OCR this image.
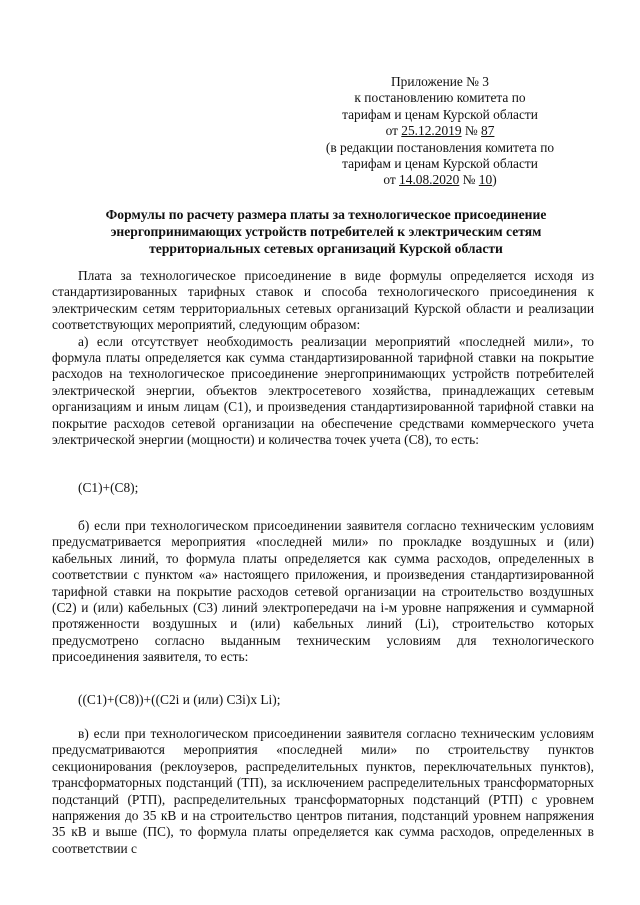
Приложение № 3
к постановлению комитета по
тарифам и ценам Курской области
от 25.12.2019 № 87
(в редакции постановления комитета по
тарифам и ценам Курской области
от 14.08.2020 № 10)
Формулы по расчету размера платы за технологическое присоединение
энергопринимающих устройств потребителей к электрическим сетям
территориальных сетевых организаций Курской области

Плата за технологическое присоединение в виде формулы определяется исходя из стандартизированных тарифных ставок и способа технологического присоединения к электрическим сетям территориальных сетевых организаций Курской области и реализации соответствующих мероприятий, следующим образом:

а) если отсутствует необходимость реализации мероприятий «последней мили», то формула платы определяется как сумма стандартизированной тарифной ставки на покрытие расходов на технологическое присоединение энергопринимающих устройств потребителей электрической энергии, объектов электросетевого хозяйства, принадлежащих сетевым организациям и иным лицам (С1), и произведения стандартизированной тарифной ставки на покрытие расходов сетевой организации на обеспечение средствами коммерческого учета электрической энергии (мощности) и количества точек учета (С8), то есть:

(C1)+(C8);

б) если при технологическом присоединении заявителя согласно техническим условиям предусматривается мероприятия «последней мили» по прокладке воздушных и (или) кабельных линий, то формула платы определяется как сумма расходов, определенных в соответствии с пунктом «а» настоящего приложения, и произведения стандартизированной тарифной ставки на покрытие расходов сетевой организации на строительство воздушных (С2) и (или) кабельных (С3) линий электропередачи на i-м уровне напряжения и суммарной протяженности воздушных и (или) кабельных линий (Li), строительство которых предусмотрено согласно выданным техническим условиям для технологического присоединения заявителя, то есть:

((C1)+(C8))+((C2i и (или) C3i)x Li);

в) если при технологическом присоединении заявителя согласно техническим условиям предусматриваются мероприятия «последней мили» по строительству пунктов секционирования (реклоузеров, распределительных пунктов, переключательных пунктов), трансформаторных подстанций (ТП), за исключением распределительных трансформаторных подстанций (РТП), распределительных трансформаторных подстанций (РТП) с уровнем напряжения до 35 кВ и на строительство центров питания, подстанций уровнем напряжения 35 кВ и выше (ПС), то формула платы определяется как сумма расходов, определенных в соответствии с
